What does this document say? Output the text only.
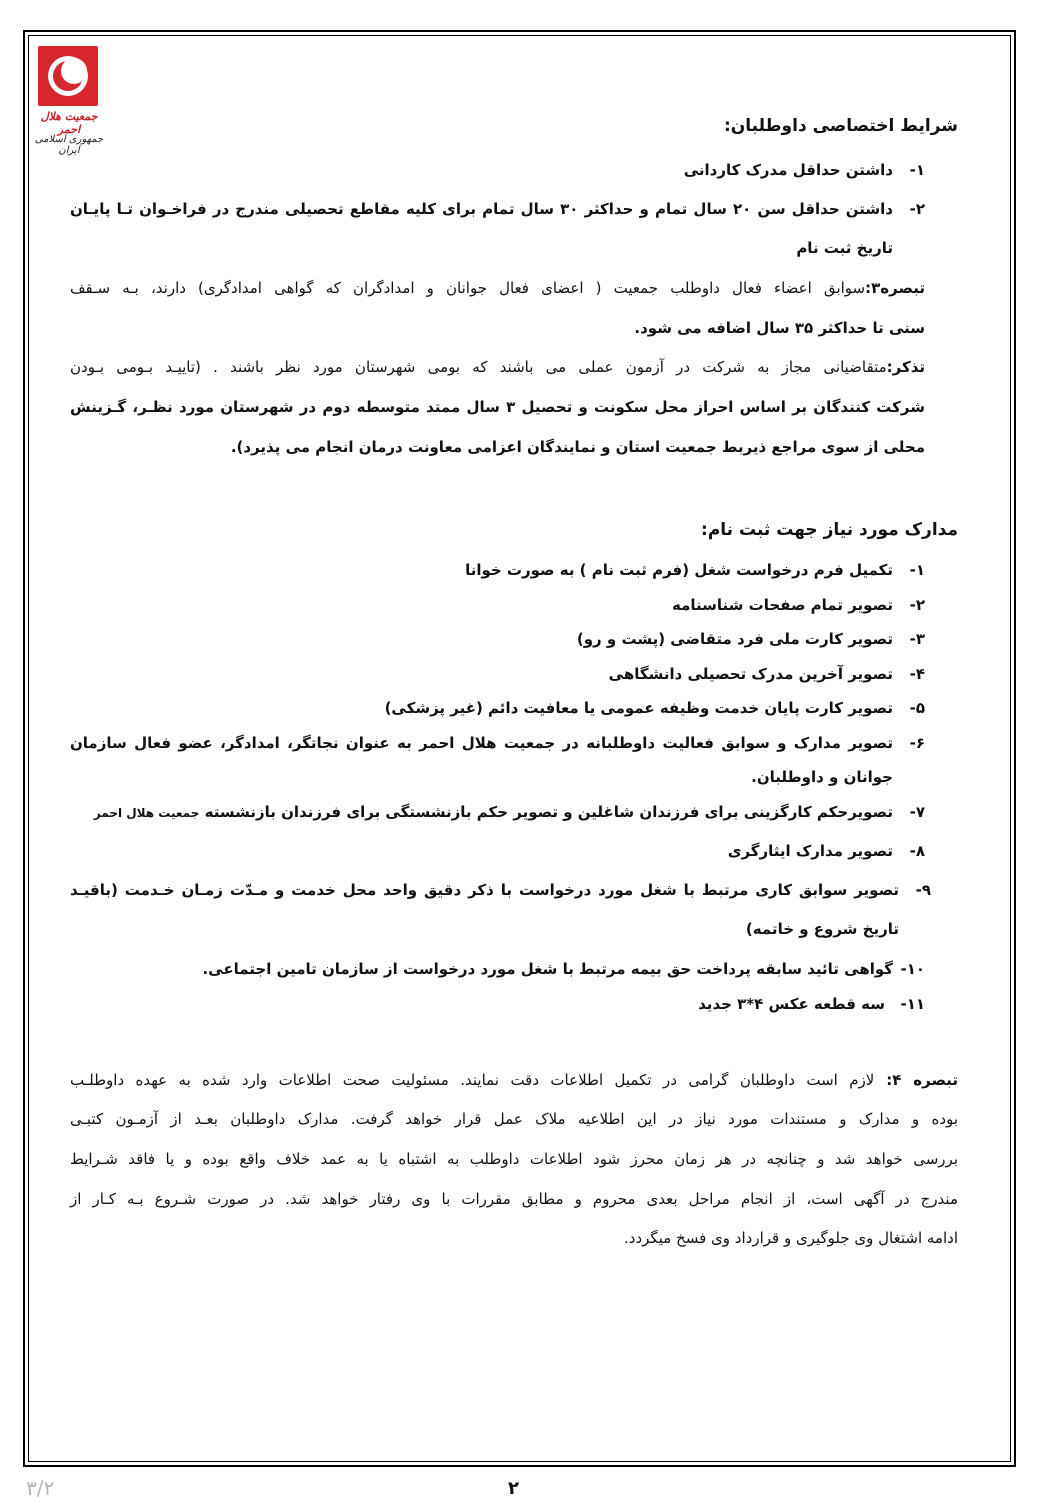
جمعیت هلال احمر
جمهوری اسلامی ایران
شرایط اختصاصی داوطلبان:
۱-
داشتن حداقل مدرک کاردانی
۲-
داشتن حداقل سن ۲۰ سال تمام و حداکثر ۳۰ سال تمام برای کلیه مقاطع تحصیلی مندرج در فراخـوان تـا پایـان
تاریخ ثبت نام
تبصره۳:سوابق اعضاء فعال داوطلب جمعیت ( اعضای فعال جوانان و امدادگران که گواهی امدادگری) دارند، بـه سـقف
سنی تا حداکثر ۳۵ سال اضافه می شود.
تذکر:متقاضیانی مجاز به شرکت در آزمون عملی می باشند که بومی شهرستان مورد نظر باشند . (تاییـد بـومی بـودن
شرکت کنندگان بر اساس احراز محل سکونت و تحصیل ۳ سال ممتد متوسطه دوم در شهرستان مورد نظـر، گـزینش
محلی از سوی مراجع ذیربط جمعیت استان و نمایندگان اعزامی معاونت درمان انجام می پذیرد).
مدارک مورد نیاز جهت ثبت نام:
۱-
تکمیل فرم درخواست شغل (فرم ثبت نام ) به صورت خوانا
۲-
تصویر تمام صفحات شناسنامه
۳-
تصویر کارت ملی فرد متقاضی (پشت و رو)
۴-
تصویر آخرین مدرک تحصیلی دانشگاهی
۵-
تصویر کارت پایان خدمت وظیفه عمومی یا معافیت دائم (غیر پزشکی)
۶-
تصویر مدارک و سوابق فعالیت داوطلبانه در جمعیت هلال احمر به عنوان نجاتگر، امدادگر، عضو فعال سازمان
جوانان و داوطلبان.
۷-
تصویرحکم کارگزینی برای فرزندان شاغلین و تصویر حکم بازنشستگی برای فرزندان بازنشسته جمعیت هلال احمر
۸-
تصویر مدارک ایثارگری
۹-
تصویر سوابق کاری مرتبط با شغل مورد درخواست با ذکر دقیق واحد محل خدمت و مـدّت زمـان خـدمت (باقیـد
تاریخ شروع و خاتمه)
۱۰-
گواهی تائید سابقه پرداخت حق بیمه مرتبط با شغل مورد درخواست از سازمان تامین اجتماعی.
۱۱-
سه قطعه عکس ۴*۳ جدید
تبصره ۴: لازم است داوطلبان گرامی در تکمیل اطلاعات دقت نمایند. مسئولیت صحت اطلاعات وارد شده به عهده داوطلـب
بوده و مدارک و مستندات مورد نیاز در این اطلاعیه ملاک عمل قرار خواهد گرفت. مدارک داوطلبان بعـد از آزمـون کتبـی
بررسی خواهد شد و چنانچه در هر زمان محرز شود اطلاعات داوطلب به اشتباه یا به عمد خلاف واقع بوده و یا فاقد شـرایط
مندرج در آگهی است، از انجام مراحل بعدی محروم و مطابق مقررات با وی رفتار خواهد شد. در صورت شـروع بـه کـار از
ادامه اشتغال وی جلوگیری و قرارداد وی فسخ میگردد.
۲
۳/۲
